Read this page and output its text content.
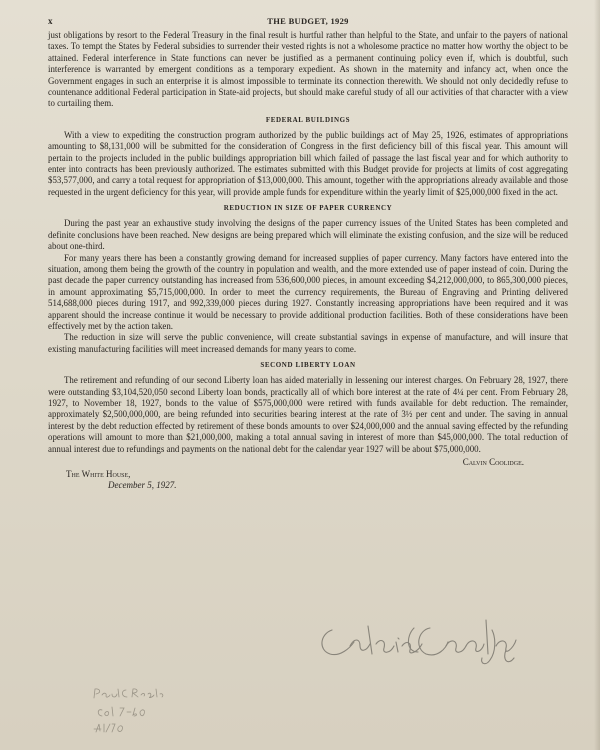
x	THE BUDGET, 1929

just obligations by resort to the Federal Treasury in the final result is hurtful rather than helpful to the State, and unfair to the payers of national taxes. To tempt the States by Federal subsidies to surrender their vested rights is not a wholesome practice no matter how worthy the object to be attained. Federal interference in State functions can never be justified as a permanent continuing policy even if, which is doubtful, such interference is warranted by emergent conditions as a temporary expedient. As shown in the maternity and infancy act, when once the Government engages in such an enterprise it is almost impossible to terminate its connection therewith. We should not only decidedly refuse to countenance additional Federal participation in State-aid projects, but should make careful study of all our activities of that character with a view to curtailing them.

FEDERAL BUILDINGS

With a view to expediting the construction program authorized by the public buildings act of May 25, 1926, estimates of appropriations amounting to $8,131,000 will be submitted for the consideration of Congress in the first deficiency bill of this fiscal year. This amount will pertain to the projects included in the public buildings appropriation bill which failed of passage the last fiscal year and for which authority to enter into contracts has been previously authorized. The estimates submitted with this Budget provide for projects at limits of cost aggregating $53,577,000, and carry a total request for appropriation of $13,000,000. This amount, together with the appropriations already available and those requested in the urgent deficiency for this year, will provide ample funds for expenditure within the yearly limit of $25,000,000 fixed in the act.

REDUCTION IN SIZE OF PAPER CURRENCY

During the past year an exhaustive study involving the designs of the paper currency issues of the United States has been completed and definite conclusions have been reached. New designs are being prepared which will eliminate the existing confusion, and the size will be reduced about one-third.

For many years there has been a constantly growing demand for increased supplies of paper currency. Many factors have entered into the situation, among them being the growth of the country in population and wealth, and the more extended use of paper instead of coin. During the past decade the paper currency outstanding has increased from 536,600,000 pieces, in amount exceeding $4,212,000,000, to 865,300,000 pieces, in amount approximating $5,715,000,000. In order to meet the currency requirements, the Bureau of Engraving and Printing delivered 514,688,000 pieces during 1917, and 992,339,000 pieces during 1927. Constantly increasing appropriations have been required and it was apparent should the increase continue it would be necessary to provide additional production facilities. Both of these considerations have been effectively met by the action taken.

The reduction in size will serve the public convenience, will create substantial savings in expense of manufacture, and will insure that existing manufacturing facilities will meet increased demands for many years to come.

SECOND LIBERTY LOAN

The retirement and refunding of our second Liberty loan has aided materially in lessening our interest charges. On February 28, 1927, there were outstanding $3,104,520,050 second Liberty loan bonds, practically all of which bore interest at the rate of 4¼ per cent. From February 28, 1927, to November 18, 1927, bonds to the value of $575,000,000 were retired with funds available for debt reduction. The remainder, approximately $2,500,000,000, are being refunded into securities bearing interest at the rate of 3½ per cent and under. The saving in annual interest by the debt reduction effected by retirement of these bonds amounts to over $24,000,000 and the annual saving effected by the refunding operations will amount to more than $21,000,000, making a total annual saving in interest of more than $45,000,000. The total reduction of annual interest due to refundings and payments on the national debt for the calendar year 1927 will be about $75,000,000.

Calvin Coolidge.
The White House,
December 5, 1927.
